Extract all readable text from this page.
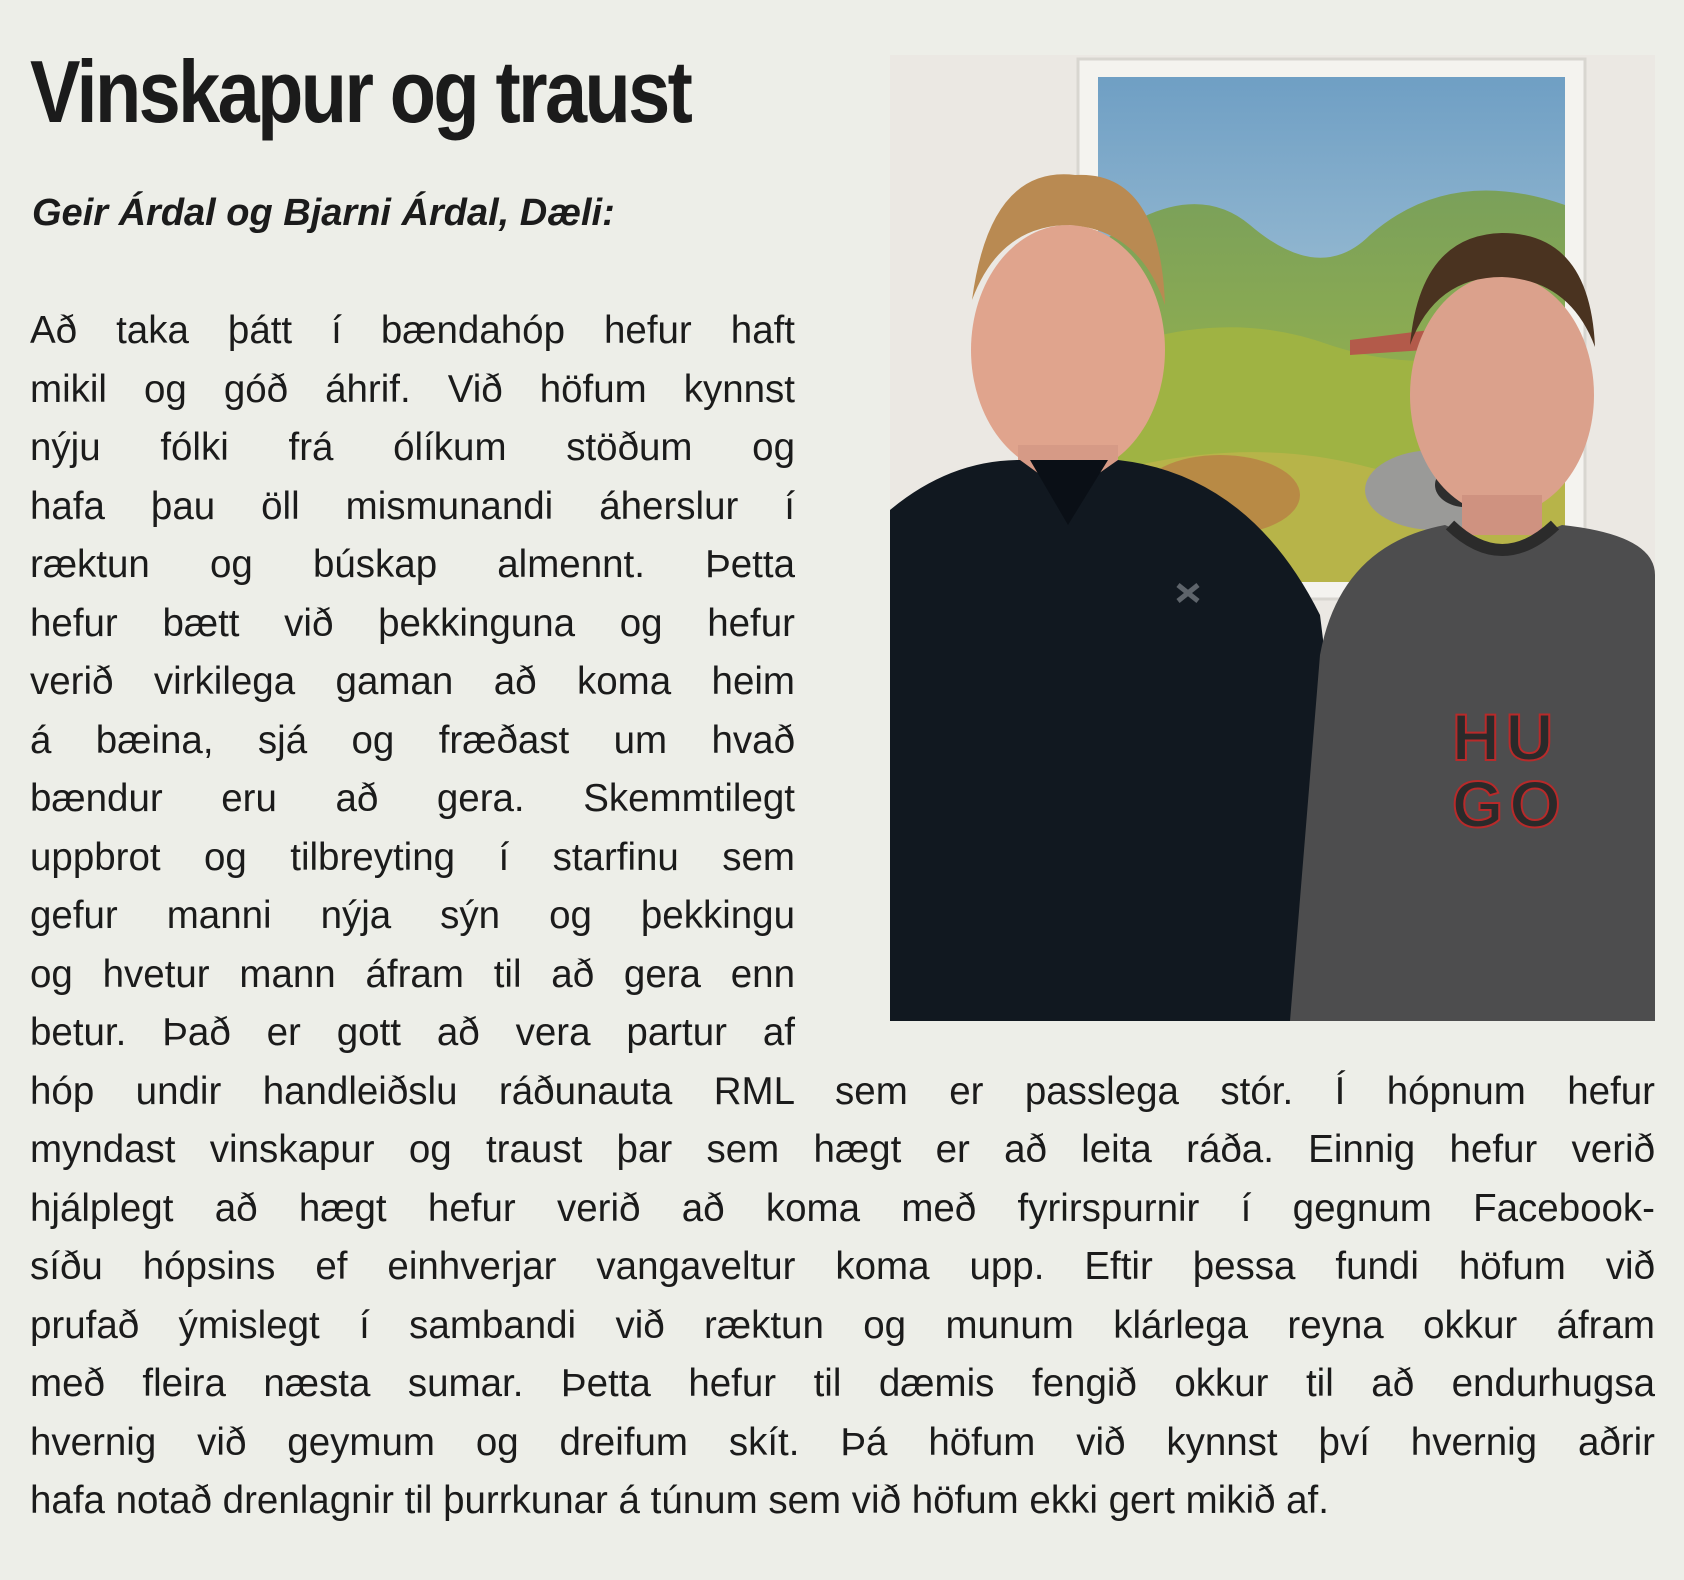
Vinskapur og traust
Geir Árdal og Bjarni Árdal, Dæli:
HU
GO
Að taka þátt í bændahóp hefur haft
mikil og góð áhrif. Við höfum kynnst
nýju fólki frá ólíkum stöðum og
hafa þau öll mismunandi áherslur í
ræktun og búskap almennt. Þetta
hefur bætt við þekkinguna og hefur
verið virkilega gaman að koma heim
á bæina, sjá og fræðast um hvað
bændur eru að gera. Skemmtilegt
uppbrot og tilbreyting í starfinu sem
gefur manni nýja sýn og þekkingu
og hvetur mann áfram til að gera enn
betur. Það er gott að vera partur af
hóp undir handleiðslu ráðunauta RML sem er passlega stór. Í hópnum hefur
myndast vinskapur og traust þar sem hægt er að leita ráða. Einnig hefur verið
hjálplegt að hægt hefur verið að koma með fyrirspurnir í gegnum Facebook-
síðu hópsins ef einhverjar vangaveltur koma upp. Eftir þessa fundi höfum við
prufað ýmislegt í sambandi við ræktun og munum klárlega reyna okkur áfram
með fleira næsta sumar. Þetta hefur til dæmis fengið okkur til að endurhugsa
hvernig við geymum og dreifum skít. Þá höfum við kynnst því hvernig aðrir
hafa notað drenlagnir til þurrkunar á túnum sem við höfum ekki gert mikið af.
